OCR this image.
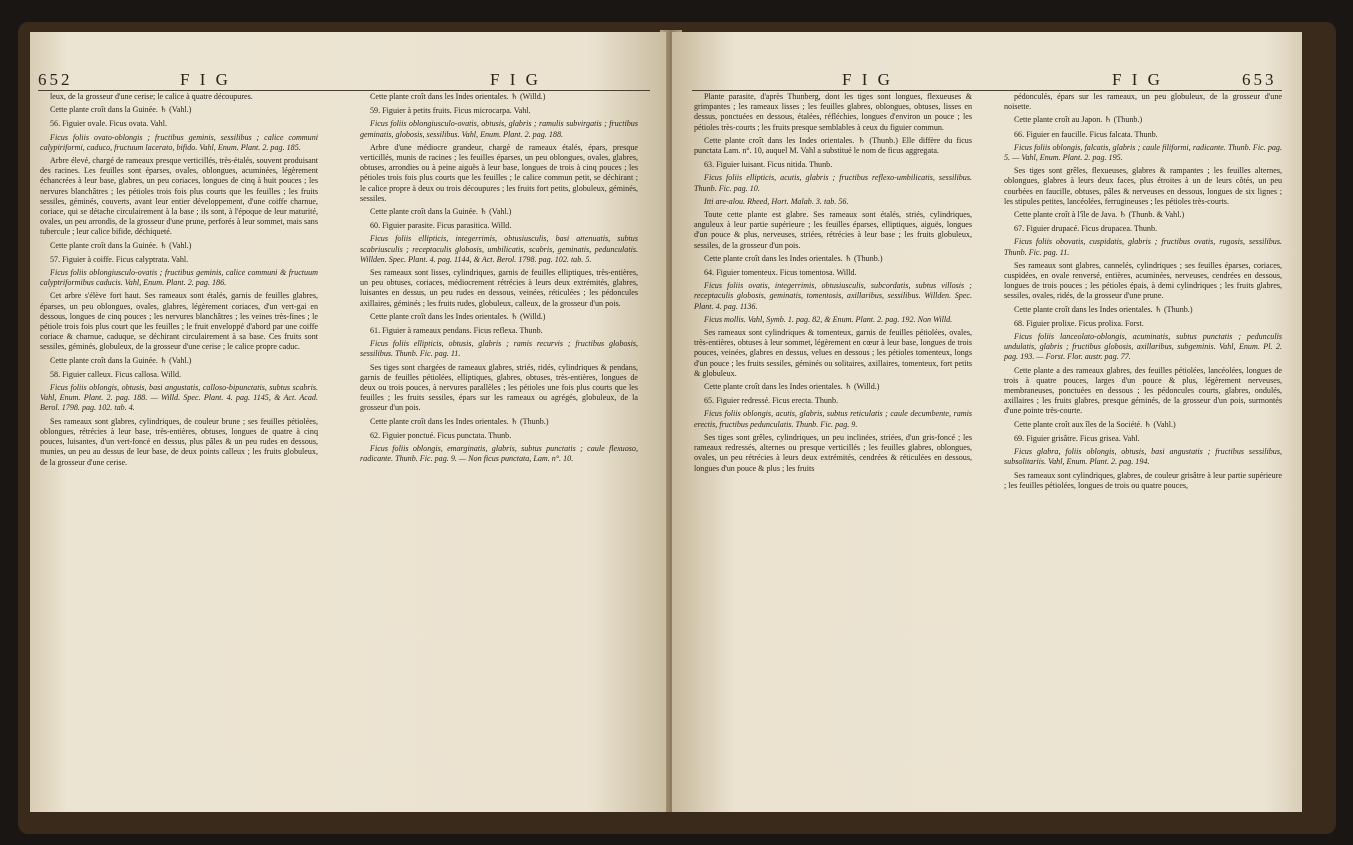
652	F I G	F I G

leux, de la grosseur d'une cerise; le calice à quatre découpures.

Cette plante croît dans la Guinée. ♄ (Vahl.)

56. Figuier ovale. Ficus ovata. Vahl.

Ficus foliis ovato-oblongis ; fructibus geminis, sessilibus ; calice communi calypiriformi, caduco, fructuum lacerato, bifido. Vahl, Enum. Plant. 2. pag. 185.

Arbre élevé, chargé de rameaux presque verticillés, très-étalés, souvent produisant des racines. Les feuilles sont éparses, ovales, oblongues, acuminées, légèrement échancrées à leur base, glabres, un peu coriaces, longues de cinq à huit pouces ; les nervures blanchâtres ; les pétioles trois fois plus courts que les feuilles ; les fruits sessiles, géminés, couverts, avant leur entier développement, d'une coiffe charnue, coriace, qui se détache circulairement à la base ; ils sont, à l'époque de leur maturité, ovales, un peu arrondis, de la grosseur d'une prune, perforés à leur sommet, mais sans tubercule ; leur calice bifide, déchiqueté.

Cette plante croît dans la Guinée. ♄ (Vahl.)

57. Figuier à coiffe. Ficus calyptrata. Vahl.

Ficus foliis oblongiusculo-ovatis ; fructibus geminis, calice communi & fructuum calyptriformibus caducis. Vahl, Enum. Plant. 2. pag. 186.

Cet arbre s'élève fort haut. Ses rameaux sont étalés, garnis de feuilles glabres, éparses, un peu oblongues, ovales, glabres, légèrement coriaces, d'un vert-gai en dessous, longues de cinq pouces ; les nervures blanchâtres ; les veines très-fines ; le pétiole trois fois plus court que les feuilles ; le fruit enveloppé d'abord par une coiffe coriace & charnue, caduque, se déchirant circulairement à sa base. Ces fruits sont sessiles, géminés, globuleux, de la grosseur d'une cerise ; le calice propre caduc.

Cette plante croît dans la Guinée. ♄ (Vahl.)

58. Figuier calleux. Ficus callosa. Willd.

Ficus foliis oblongis, obtusis, basi angustatis, calloso-bipunctatis, subtus scabris. Vahl, Enum. Plant. 2. pag. 188. — Willd. Spec. Plant. 4. pag. 1145, & Act. Acad. Berol. 1798. pag. 102. tab. 4.

Ses rameaux sont glabres, cylindriques, de couleur brune ; ses feuilles pétiolées, oblongues, rétrécies à leur base, très-entières, obtuses, longues de quatre à cinq pouces, luisantes, d'un vert-foncé en dessus, plus pâles & un peu rudes en dessous, munies, un peu au dessus de leur base, de deux points calleux ; les fruits globuleux, de la grosseur d'une cerise.

Cette plante croît dans les Indes orientales. ♄ (Willd.)

59. Figuier à petits fruits. Ficus microcarpa. Vahl.

Ficus foliis oblongiusculo-ovatis, obtusis, glabris ; ramulis subvirgatis ; fructibus geminatis, globosis, sessilibus. Vahl, Enum. Plant. 2. pag. 188.

Arbre d'une médiocre grandeur, chargé de rameaux étalés, épars, presque verticillés, munis de racines ; les feuilles éparses, un peu oblongues, ovales, glabres, obtuses, arrondies ou à peine aiguës à leur base, longues de trois à cinq pouces ; les pétioles trois fois plus courts que les feuilles ; le calice commun petit, se déchirant ; le calice propre à deux ou trois découpures ; les fruits fort petits, globuleux, géminés, sessiles.

Cette plante croît dans la Guinée. ♄ (Vahl.)

60. Figuier parasite. Ficus parasitica. Willd.

Ficus foliis ellipticis, integerrimis, obtusiusculis, basi attenuatis, subtus scabriusculis ; receptaculis globosis, umbilicatis, scabris, geminatis, pedunculatis. Willden. Spec. Plant. 4. pag. 1144, & Act. Berol. 1798. pag. 102. tab. 5.

Ses rameaux sont lisses, cylindriques, garnis de feuilles elliptiques, très-entières, un peu obtuses, coriaces, médiocrement rétrécies à leurs deux extrémités, glabres, luisantes en dessus, un peu rudes en dessous, veinées, réticulées ; les pédoncules axillaires, géminés ; les fruits rudes, globuleux, calleux, de la grosseur d'un pois.

Cette plante croît dans les Indes orientales. ♄ (Willd.)

61. Figuier à rameaux pendans. Ficus reflexa. Thunb.

Ficus foliis ellipticis, obtusis, glabris ; ramis recurvis ; fructibus globosis, sessilibus. Thunb. Fic. pag. 11.

Ses tiges sont chargées de rameaux glabres, striés, ridés, cylindriques & pendans, garnis de feuilles pétiolées, elliptiques, glabres, obtuses, très-entières, longues de deux ou trois pouces, à nervures parallèles ; les pétioles une fois plus courts que les feuilles ; les fruits sessiles, épars sur les rameaux ou agrégés, globuleux, de la grosseur d'un pois.

Cette plante croît dans les Indes orientales. ♄ (Thunb.)

62. Figuier ponctué. Ficus punctata. Thunb.

Ficus foliis oblongis, emarginatis, glabris, subtus punctatis ; caule flexuoso, radicante. Thunb. Fic. pag. 9. — Non ficus punctata, Lam. n°. 10.

F I G	F I G	653

Plante parasite, d'après Thunberg, dont les tiges sont longues, flexueuses & grimpantes ; les rameaux lisses ; les feuilles glabres, oblongues, obtuses, lisses en dessus, ponctuées en dessous, étalées, réfléchies, longues d'environ un pouce ; les pétioles très-courts ; les fruits presque semblables à ceux du figuier commun.

Cette plante croît dans les Indes orientales. ♄ (Thunb.) Elle diffère du ficus punctata Lam. n°. 10, auquel M. Vahl a substitué le nom de ficus aggregata.

63. Figuier luisant. Ficus nitida. Thunb.

Ficus foliis ellipticis, acutis, glabris ; fructibus reflexo-umbilicatis, sessilibus. Thunb. Fic. pag. 10.

Itti are-alou. Rheed, Hort. Malab. 3. tab. 56.

Toute cette plante est glabre. Ses rameaux sont étalés, striés, cylindriques, anguleux à leur partie supérieure ; les feuilles éparses, elliptiques, aiguës, longues d'un pouce & plus, nerveuses, striées, rétrécies à leur base ; les fruits globuleux, sessiles, de la grosseur d'un pois.

Cette plante croît dans les Indes orientales. ♄ (Thunb.)

64. Figuier tomenteux. Ficus tomentosa. Willd.

Ficus foliis ovatis, integerrimis, obtusiusculis, subcordatis, subtus villosis ; receptaculis globosis, geminatis, tomentosis, axillaribus, sessilibus. Willden. Spec. Plant. 4. pag. 1136.

Ficus mollis. Vahl, Symb. 1. pag. 82, & Enum. Plant. 2. pag. 192. Non Willd.

Ses rameaux sont cylindriques & tomenteux, garnis de feuilles pétiolées, ovales, très-entières, obtuses à leur sommet, légèrement en cœur à leur base, longues de trois pouces, veinées, glabres en dessus, velues en dessous ; les pétioles tomenteux, longs d'un pouce ; les fruits sessiles, géminés ou solitaires, axillaires, tomenteux, fort petits & globuleux.

Cette plante croît dans les Indes orientales. ♄ (Willd.)

65. Figuier redressé. Ficus erecta. Thunb.

Ficus foliis oblongis, acutis, glabris, subtus reticulatis ; caule decumbente, ramis erectis, fructibus pedunculatis. Thunb. Fic. pag. 9.

Ses tiges sont grêles, cylindriques, un peu inclinées, striées, d'un gris-foncé ; les rameaux redressés, alternes ou presque verticillés ; les feuilles glabres, oblongues, ovales, un peu rétrécies à leurs deux extrémités, cendrées & réticulées en dessous, longues d'un pouce & plus ; les fruits

pédonculés, épars sur les rameaux, un peu globuleux, de la grosseur d'une noisette.

Cette plante croît au Japon. ♄ (Thunb.)

66. Figuier en faucille. Ficus falcata. Thunb.

Ficus foliis oblongis, falcatis, glabris ; caule filiformi, radicante. Thunb. Fic. pag. 5. — Vahl, Enum. Plant. 2. pag. 195.

Ses tiges sont grêles, flexueuses, glabres & rampantes ; les feuilles alternes, oblongues, glabres à leurs deux faces, plus étroites à un de leurs côtés, un peu courbées en faucille, obtuses, pâles & nerveuses en dessous, longues de six lignes ; les stipules petites, lancéolées, ferrugineuses ; les pétioles très-courts.

Cette plante croît à l'île de Java. ♄ (Thunb. & Vahl.)

67. Figuier drupacé. Ficus drupacea. Thunb.

Ficus foliis obovatis, cuspidatis, glabris ; fructibus ovatis, rugosis, sessilibus. Thunb. Fic. pag. 11.

Ses rameaux sont glabres, cannelés, cylindriques ; ses feuilles éparses, coriaces, cuspidées, en ovale renversé, entières, acuminées, nerveuses, cendrées en dessous, longues de trois pouces ; les pétioles épais, à demi cylindriques ; les fruits glabres, sessiles, ovales, ridés, de la grosseur d'une prune.

Cette plante croît dans les Indes orientales. ♄ (Thunb.)

68. Figuier prolixe. Ficus prolixa. Forst.

Ficus foliis lanceolato-oblongis, acuminatis, subtus punctatis ; pedunculis undulatis, glabris ; fructibus globosis, axillaribus, subgeminis. Vahl, Enum. Pl. 2. pag. 193. — Forst. Flor. austr. pag. 77.

Cette plante a des rameaux glabres, des feuilles pétiolées, lancéolées, longues de trois à quatre pouces, larges d'un pouce & plus, légèrement nerveuses, membraneuses, ponctuées en dessous ; les pédoncules courts, glabres, ondulés, axillaires ; les fruits glabres, presque géminés, de la grosseur d'un pois, surmontés d'une pointe très-courte.

Cette plante croît aux îles de la Société. ♄ (Vahl.)

69. Figuier grisâtre. Ficus grisea. Vahl.

Ficus glabra, foliis oblongis, obtusis, basi angustatis ; fructibus sessilibus, subsolitariis. Vahl, Enum. Plant. 2. pag. 194.

Ses rameaux sont cylindriques, glabres, de couleur grisâtre à leur partie supérieure ; les feuilles pétiolées, longues de trois ou quatre pouces,
